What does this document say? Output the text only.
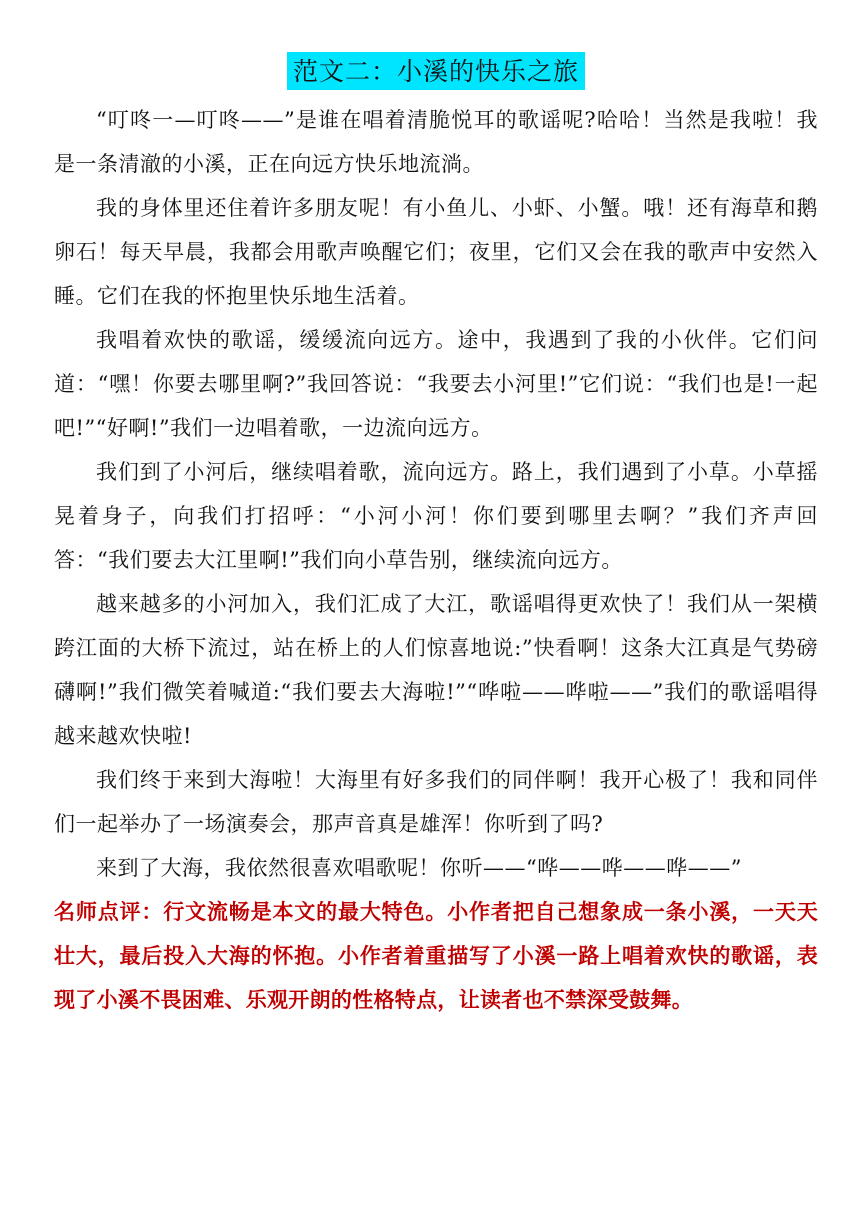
范文二：小溪的快乐之旅

“叮咚一—叮咚——”是谁在唱着清脆悦耳的歌谣呢?哈哈！当然是我啦！我是一条清澈的小溪，正在向远方快乐地流淌。

我的身体里还住着许多朋友呢！有小鱼儿、小虾、小蟹。哦！还有海草和鹅卵石！每天早晨，我都会用歌声唤醒它们；夜里，它们又会在我的歌声中安然入睡。它们在我的怀抱里快乐地生活着。

我唱着欢快的歌谣，缓缓流向远方。途中，我遇到了我的小伙伴。它们问道：“嘿！你要去哪里啊?”我回答说：“我要去小河里!”它们说：“我们也是!一起吧!”“好啊!”我们一边唱着歌，一边流向远方。

我们到了小河后，继续唱着歌，流向远方。路上，我们遇到了小草。小草摇晃着身子，向我们打招呼：“小河小河！你们要到哪里去啊？”我们齐声回答：“我们要去大江里啊!”我们向小草告别，继续流向远方。

越来越多的小河加入，我们汇成了大江，歌谣唱得更欢快了！我们从一架横跨江面的大桥下流过，站在桥上的人们惊喜地说:”快看啊！这条大江真是气势磅礴啊!”我们微笑着喊道:“我们要去大海啦!”“哗啦——哗啦——”我们的歌谣唱得越来越欢快啦!

我们终于来到大海啦！大海里有好多我们的同伴啊！我开心极了！我和同伴们一起举办了一场演奏会，那声音真是雄浑！你听到了吗?

来到了大海，我依然很喜欢唱歌呢！你听——“哗——哗——哗——”

名师点评：行文流畅是本文的最大特色。小作者把自己想象成一条小溪，一天天壮大，最后投入大海的怀抱。小作者着重描写了小溪一路上唱着欢快的歌谣，表现了小溪不畏困难、乐观开朗的性格特点，让读者也不禁深受鼓舞。
